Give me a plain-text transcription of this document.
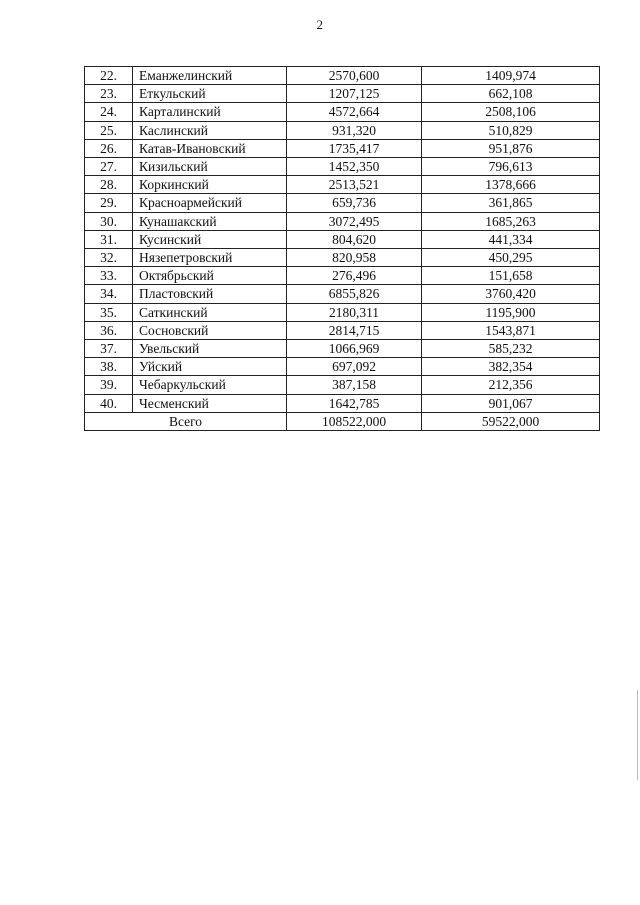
2
22.	Еманжелинский	2570,600	1409,974
23.	Еткульский	1207,125	662,108
24.	Карталинский	4572,664	2508,106
25.	Каслинский	931,320	510,829
26.	Катав-Ивановский	1735,417	951,876
27.	Кизильский	1452,350	796,613
28.	Коркинский	2513,521	1378,666
29.	Красноармейский	659,736	361,865
30.	Кунашакский	3072,495	1685,263
31.	Кусинский	804,620	441,334
32.	Нязепетровский	820,958	450,295
33.	Октябрьский	276,496	151,658
34.	Пластовский	6855,826	3760,420
35.	Саткинский	2180,311	1195,900
36.	Сосновский	2814,715	1543,871
37.	Увельский	1066,969	585,232
38.	Уйский	697,092	382,354
39.	Чебаркульский	387,158	212,356
40.	Чесменский	1642,785	901,067
Всего		108522,000	59522,000
